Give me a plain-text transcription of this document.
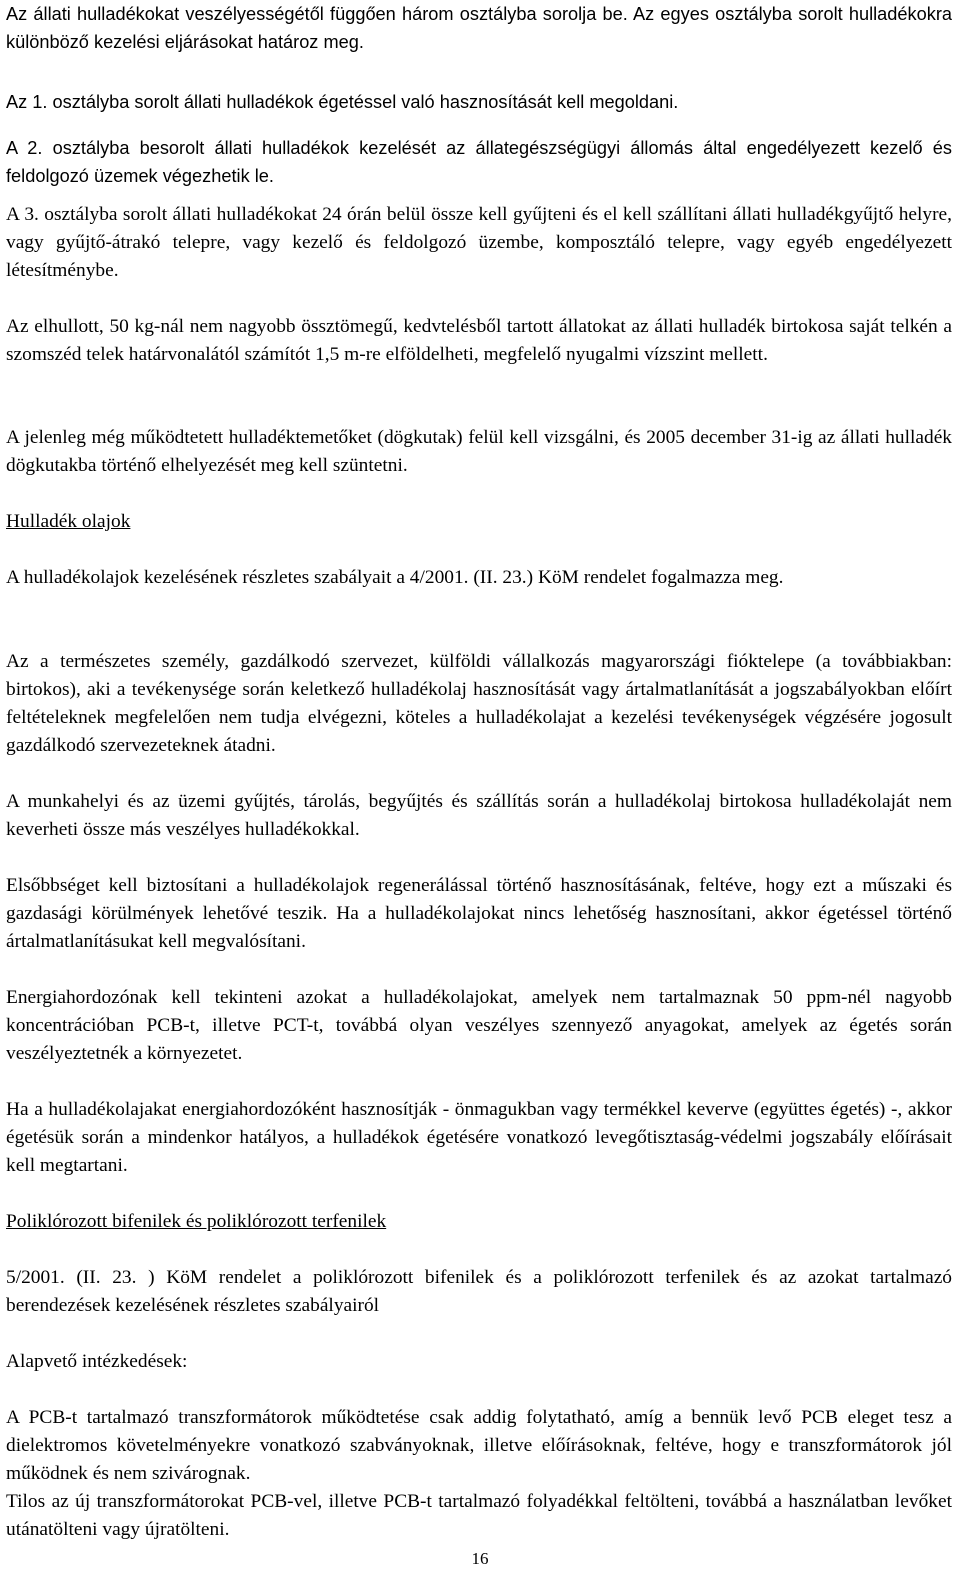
Az állati hulladékokat veszélyességétől függően három osztályba sorolja be. Az egyes osztályba sorolt hulladékokra különböző kezelési eljárásokat határoz meg.

Az 1. osztályba sorolt állati hulladékok égetéssel való hasznosítását kell megoldani.

A 2. osztályba besorolt állati hulladékok kezelését az állategészségügyi állomás által engedélyezett kezelő és feldolgozó üzemek végezhetik le.

A 3. osztályba sorolt állati hulladékokat 24 órán belül össze kell gyűjteni és el kell szállítani állati hulladékgyűjtő helyre, vagy gyűjtő-átrakó telepre, vagy kezelő és feldolgozó üzembe, komposztáló telepre, vagy egyéb engedélyezett létesítménybe.

Az elhullott, 50 kg-nál nem nagyobb össztömegű, kedvtelésből tartott állatokat az állati hulladék birtokosa saját telkén a szomszéd telek határvonalától számítót 1,5 m-re elföldelheti, megfelelő nyugalmi vízszint mellett.

A jelenleg még működtetett hulladéktemetőket (dögkutak) felül kell vizsgálni, és 2005 december 31-ig az állati hulladék dögkutakba történő elhelyezését meg kell szüntetni.

Hulladék olajok

A hulladékolajok kezelésének részletes szabályait a 4/2001. (II. 23.) KöM rendelet fogalmazza meg.

Az a természetes személy, gazdálkodó szervezet, külföldi vállalkozás magyarországi fióktelepe (a továbbiakban: birtokos), aki a tevékenysége során keletkező hulladékolaj hasznosítását vagy ártalmatlanítását a jogszabályokban előírt feltételeknek megfelelően nem tudja elvégezni, köteles a hulladékolajat a kezelési tevékenységek végzésére jogosult gazdálkodó szervezeteknek átadni.

A munkahelyi és az üzemi gyűjtés, tárolás, begyűjtés és szállítás során a hulladékolaj birtokosa hulladékolaját nem keverheti össze más veszélyes hulladékokkal.

Elsőbbséget kell biztosítani a hulladékolajok regenerálással történő hasznosításának, feltéve, hogy ezt a műszaki és gazdasági körülmények lehetővé teszik. Ha a hulladékolajokat nincs lehetőség hasznosítani, akkor égetéssel történő ártalmatlanításukat kell megvalósítani.

Energiahordozónak kell tekinteni azokat a hulladékolajokat, amelyek nem tartalmaznak 50 ppm-nél nagyobb koncentrációban PCB-t, illetve PCT-t, továbbá olyan veszélyes szennyező anyagokat, amelyek az égetés során veszélyeztetnék a környezetet.

Ha a hulladékolajakat energiahordozóként hasznosítják - önmagukban vagy termékkel keverve (együttes égetés) -, akkor égetésük során a mindenkor hatályos, a hulladékok égetésére vonatkozó levegőtisztaság-védelmi jogszabály előírásait kell megtartani.

Poliklórozott bifenilek és poliklórozott terfenilek

5/2001. (II. 23. ) KöM rendelet a poliklórozott bifenilek és a poliklórozott terfenilek és az azokat tartalmazó berendezések kezelésének részletes szabályairól

Alapvető intézkedések:

A PCB-t tartalmazó transzformátorok működtetése csak addig folytatható, amíg a bennük levő PCB eleget tesz a dielektromos követelményekre vonatkozó szabványoknak, illetve előírásoknak, feltéve, hogy e transzformátorok jól működnek és nem szivárognak.

Tilos az új transzformátorokat PCB-vel, illetve PCB-t tartalmazó folyadékkal feltölteni, továbbá a használatban levőket utánatölteni vagy újratölteni.

16
